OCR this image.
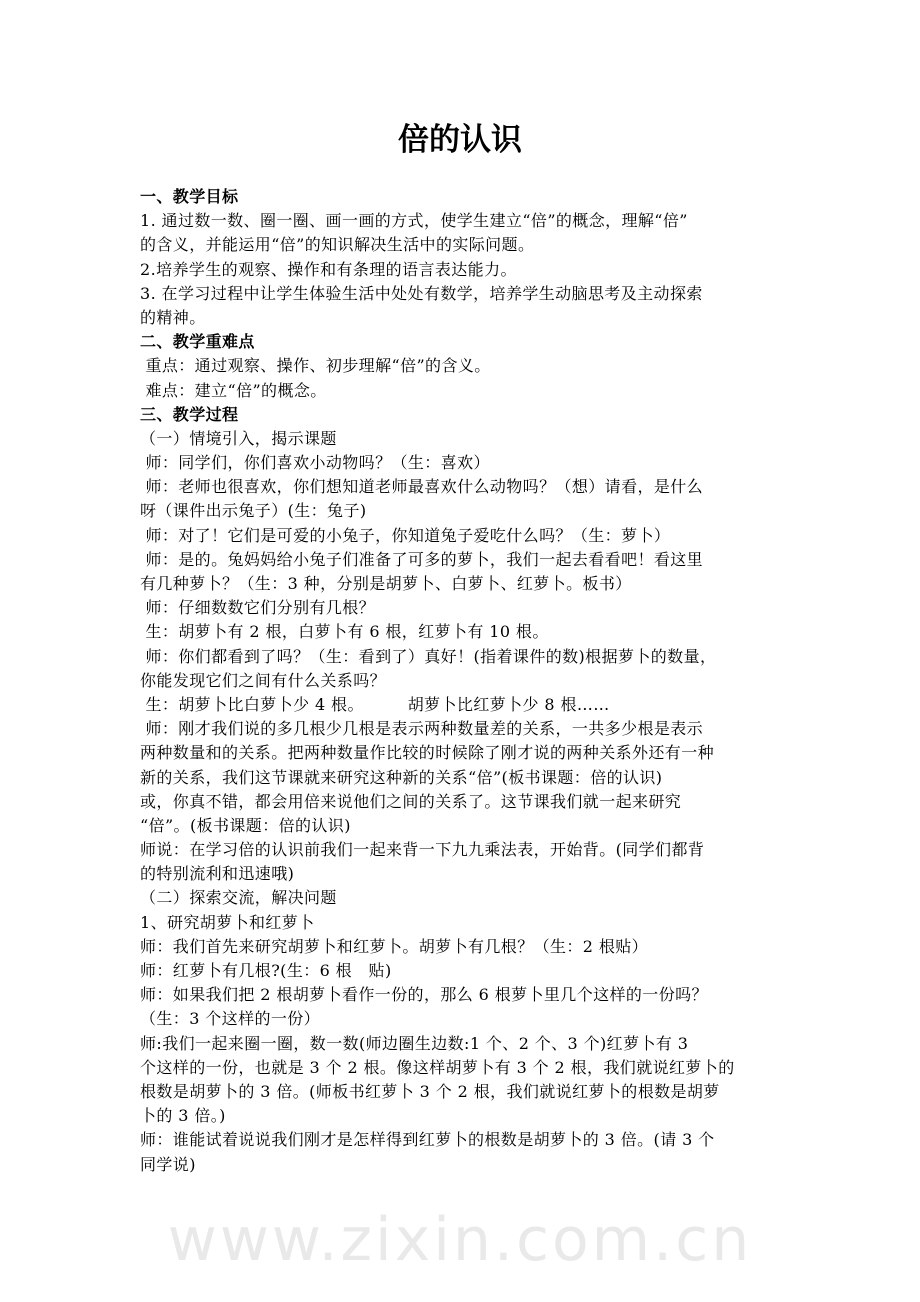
倍的认识
一、教学目标
1. 通过数一数、圈一圈、画一画的方式，使学生建立“倍”的概念，理解“倍”
的含义，并能运用“倍”的知识解决生活中的实际问题。
2.培养学生的观察、操作和有条理的语言表达能力。
3. 在学习过程中让学生体验生活中处处有数学，培养学生动脑思考及主动探索
的精神。
二、教学重难点
重点：通过观察、操作、初步理解“倍”的含义。
难点：建立“倍”的概念。
三、教学过程
（一）情境引入，揭示课题
师：同学们，你们喜欢小动物吗？（生：喜欢）
师：老师也很喜欢，你们想知道老师最喜欢什么动物吗？（想）请看，是什么
呀（课件出示兔子）(生：兔子)
师：对了！它们是可爱的小兔子，你知道兔子爱吃什么吗？（生：萝卜）
师：是的。兔妈妈给小兔子们准备了可多的萝卜，我们一起去看看吧！看这里
有几种萝卜？（生：3 种，分别是胡萝卜、白萝卜、红萝卜。板书）
师：仔细数数它们分别有几根？
生：胡萝卜有 2 根，白萝卜有 6 根，红萝卜有 10 根。
师：你们都看到了吗？（生：看到了）真好！(指着课件的数)根据萝卜的数量，
你能发现它们之间有什么关系吗？
生：胡萝卜比白萝卜少 4 根。        胡萝卜比红萝卜少 8 根……
师：刚才我们说的多几根少几根是表示两种数量差的关系，一共多少根是表示
两种数量和的关系。把两种数量作比较的时候除了刚才说的两种关系外还有一种
新的关系，我们这节课就来研究这种新的关系“倍”(板书课题：倍的认识)
或，你真不错，都会用倍来说他们之间的关系了。这节课我们就一起来研究
“倍”。(板书课题：倍的认识)
师说：在学习倍的认识前我们一起来背一下九九乘法表，开始背。(同学们都背
的特别流利和迅速哦)
（二）探索交流，解决问题
1、研究胡萝卜和红萝卜
师：我们首先来研究胡萝卜和红萝卜。胡萝卜有几根？（生：2 根贴）
师：红萝卜有几根?(生：6 根   贴)
师：如果我们把 2 根胡萝卜看作一份的，那么 6 根萝卜里几个这样的一份吗？
（生：3 个这样的一份）
师:我们一起来圈一圈，数一数(师边圈生边数:1 个、2 个、3 个)红萝卜有 3
个这样的一份，也就是 3 个 2 根。像这样胡萝卜有 3 个 2 根，我们就说红萝卜的
根数是胡萝卜的 3 倍。(师板书红萝卜 3 个 2 根，我们就说红萝卜的根数是胡萝
卜的 3 倍。)
师：谁能试着说说我们刚才是怎样得到红萝卜的根数是胡萝卜的 3 倍。(请 3 个
同学说)
www.zixin.com.cn
